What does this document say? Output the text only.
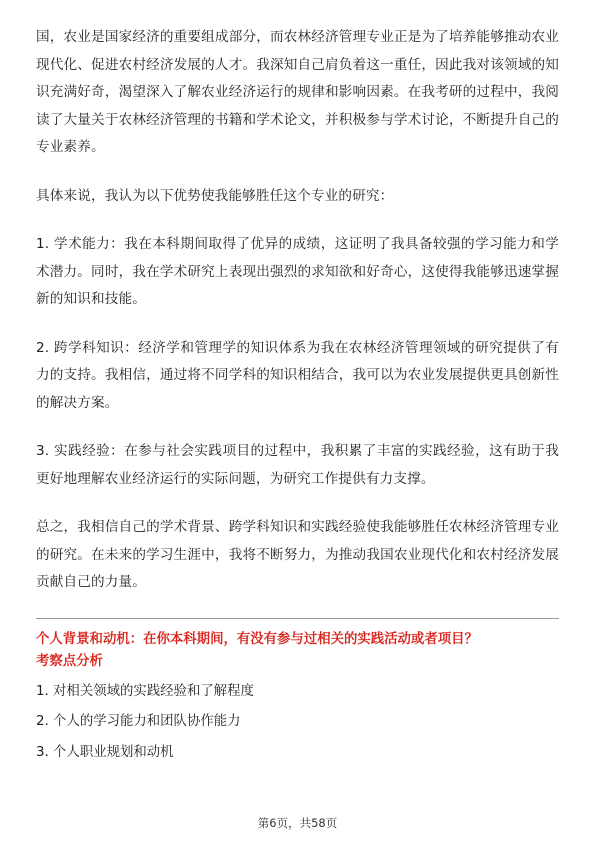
国，农业是国家经济的重要组成部分，而农林经济管理专业正是为了培养能够推动农业现代化、促进农村经济发展的人才。我深知自己肩负着这一重任，因此我对该领域的知识充满好奇，渴望深入了解农业经济运行的规律和影响因素。在我考研的过程中，我阅读了大量关于农林经济管理的书籍和学术论文，并积极参与学术讨论，不断提升自己的专业素养。

具体来说，我认为以下优势使我能够胜任这个专业的研究：

1. 学术能力：我在本科期间取得了优异的成绩，这证明了我具备较强的学习能力和学术潜力。同时，我在学术研究上表现出强烈的求知欲和好奇心，这使得我能够迅速掌握新的知识和技能。

2. 跨学科知识：经济学和管理学的知识体系为我在农林经济管理领域的研究提供了有力的支持。我相信，通过将不同学科的知识相结合，我可以为农业发展提供更具创新性的解决方案。

3. 实践经验：在参与社会实践项目的过程中，我积累了丰富的实践经验，这有助于我更好地理解农业经济运行的实际问题，为研究工作提供有力支撑。

总之，我相信自己的学术背景、跨学科知识和实践经验使我能够胜任农林经济管理专业的研究。在未来的学习生涯中，我将不断努力，为推动我国农业现代化和农村经济发展贡献自己的力量。

个人背景和动机：在你本科期间，有没有参与过相关的实践活动或者项目？

考察点分析

1. 对相关领域的实践经验和了解程度

2. 个人的学习能力和团队协作能力

3. 个人职业规划和动机

第6页，共58页
